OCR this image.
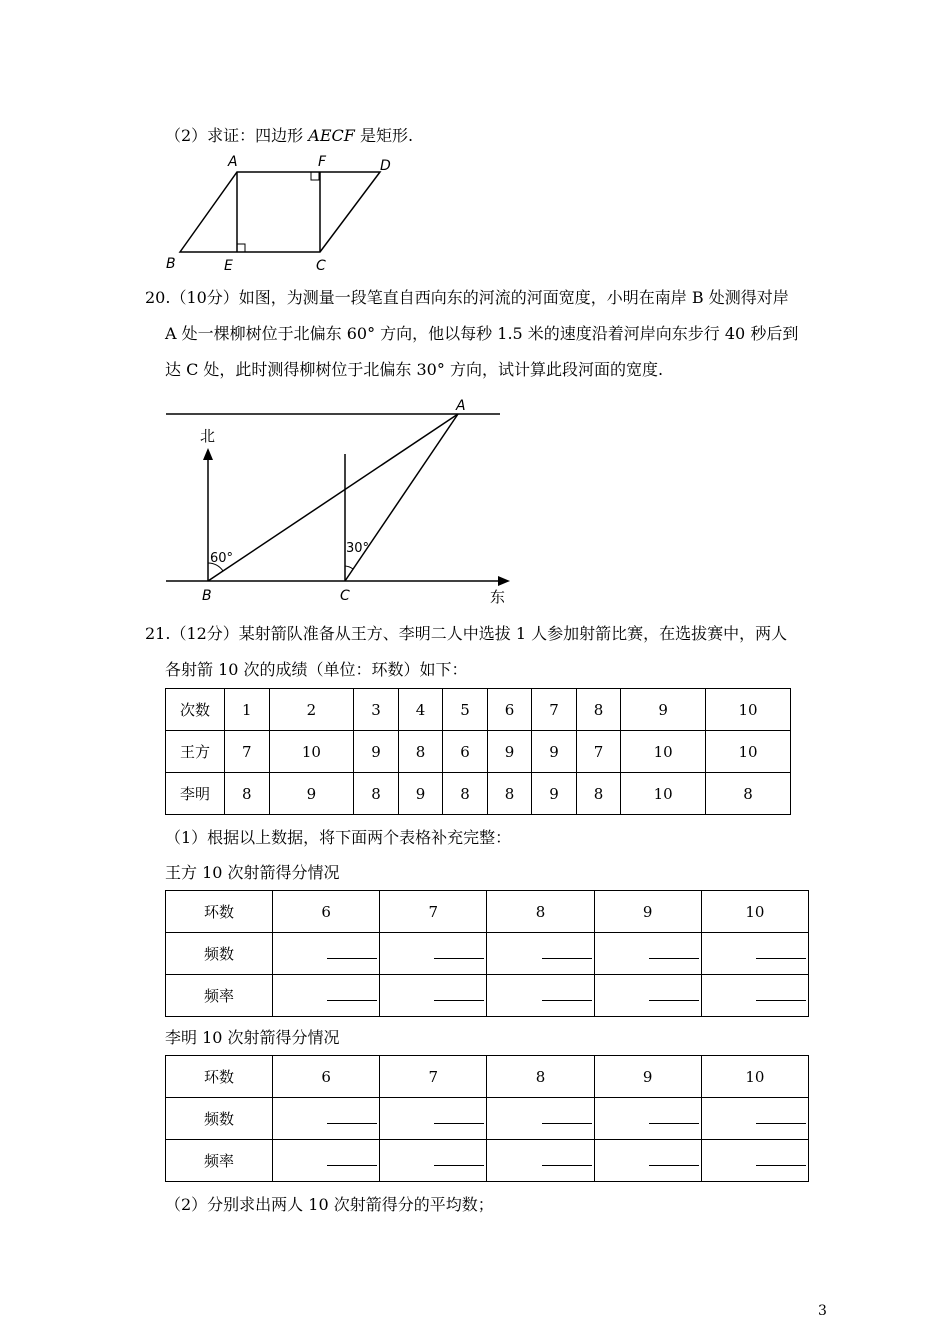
（2）求证：四边形 AECF 是矩形.
A	F	D
B	E	C
20.（10分）如图，为测量一段笔直自西向东的河流的河面宽度，小明在南岸 B 处测得对岸
A 处一棵柳树位于北偏东 60° 方向，他以每秒 1.5 米的速度沿着河岸向东步行 40 秒后到
达 C 处，此时测得柳树位于北偏东 30° 方向，试计算此段河面的宽度.
北
东
60°
30°
A
B	C
21.（12分）某射箭队准备从王方、李明二人中选拔 1 人参加射箭比赛，在选拔赛中，两人
各射箭 10 次的成绩（单位：环数）如下：
次数	1	2	3	4	5	6	7	8	9	10
王方	7	10	9	8	6	9	9	7	10	10
李明	8	9	8	9	8	8	9	8	10	8
（1）根据以上数据，将下面两个表格补充完整：
王方 10 次射箭得分情况
环数	6	7	8	9	10
频数					
频率					
李明 10 次射箭得分情况
环数	6	7	8	9	10
频数					
频率					
（2）分别求出两人 10 次射箭得分的平均数；
3
